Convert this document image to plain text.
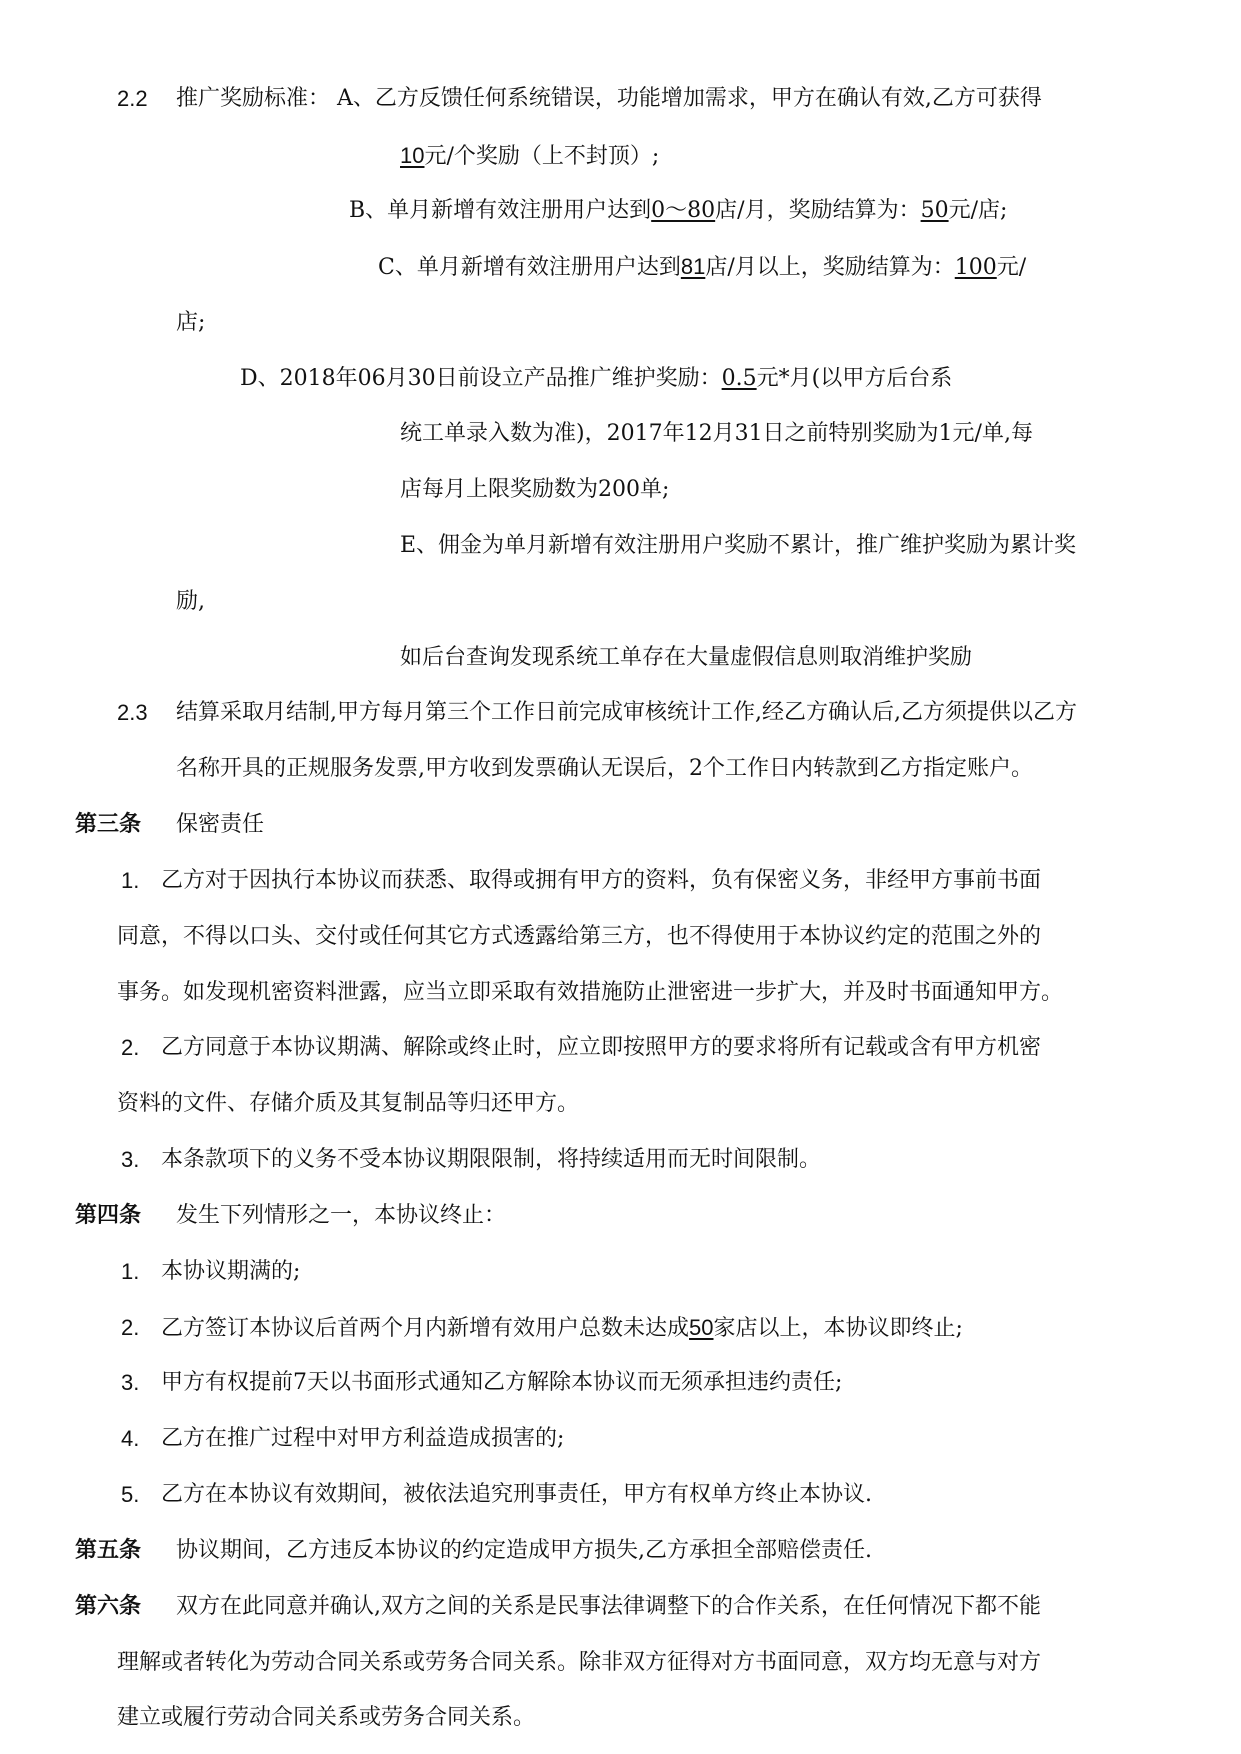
2.2 推广奖励标准： A、乙方反馈任何系统错误，功能增加需求，甲方在确认有效,乙方可获得
10元/个奖励（上不封顶）;
B、单月新增有效注册用户达到0～80店/月，奖励结算为：50元/店;
C、单月新增有效注册用户达到81店/月以上，奖励结算为：100元/
店;
D、2018年06月30日前设立产品推广维护奖励：0.5元*月(以甲方后台系
统工单录入数为准)，2017年12月31日之前特别奖励为1元/单,每
店每月上限奖励数为200单;
E、佣金为单月新增有效注册用户奖励不累计，推广维护奖励为累计奖
励,
如后台查询发现系统工单存在大量虚假信息则取消维护奖励
2.3 结算采取月结制,甲方每月第三个工作日前完成审核统计工作,经乙方确认后,乙方须提供以乙方
名称开具的正规服务发票,甲方收到发票确认无误后，2个工作日内转款到乙方指定账户。
第三条 保密责任
1. 乙方对于因执行本协议而获悉、取得或拥有甲方的资料，负有保密义务，非经甲方事前书面
同意，不得以口头、交付或任何其它方式透露给第三方，也不得使用于本协议约定的范围之外的
事务。如发现机密资料泄露，应当立即采取有效措施防止泄密进一步扩大，并及时书面通知甲方。
2. 乙方同意于本协议期满、解除或终止时，应立即按照甲方的要求将所有记载或含有甲方机密
资料的文件、存储介质及其复制品等归还甲方。
3. 本条款项下的义务不受本协议期限限制，将持续适用而无时间限制。
第四条 发生下列情形之一，本协议终止：
1. 本协议期满的;
2. 乙方签订本协议后首两个月内新增有效用户总数未达成50家店以上，本协议即终止;
3. 甲方有权提前7天以书面形式通知乙方解除本协议而无须承担违约责任;
4. 乙方在推广过程中对甲方利益造成损害的;
5. 乙方在本协议有效期间，被依法追究刑事责任，甲方有权单方终止本协议.
第五条 协议期间，乙方违反本协议的约定造成甲方损失,乙方承担全部赔偿责任.
第六条 双方在此同意并确认,双方之间的关系是民事法律调整下的合作关系，在任何情况下都不能
理解或者转化为劳动合同关系或劳务合同关系。除非双方征得对方书面同意，双方均无意与对方
建立或履行劳动合同关系或劳务合同关系。
